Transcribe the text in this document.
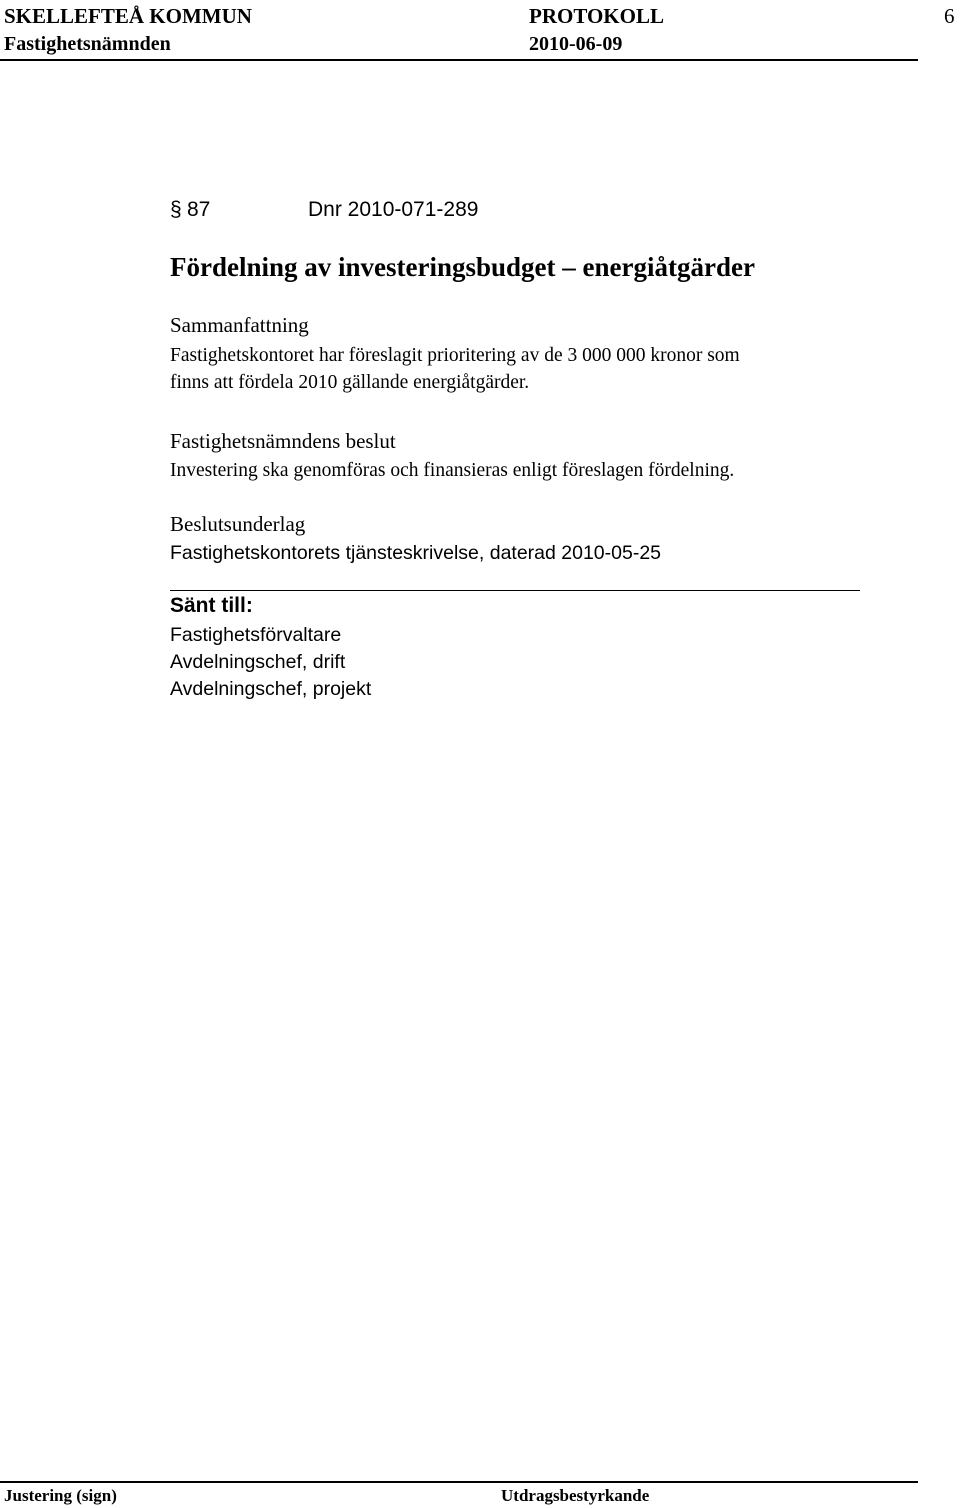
SKELLEFTEÅ KOMMUN	PROTOKOLL	6
Fastighetsnämnden	2010-06-09
§ 87	Dnr 2010-071-289
Fördelning av investeringsbudget – energiåtgärder
Sammanfattning
Fastighetskontoret har föreslagit prioritering av de 3 000 000 kronor som
finns att fördela 2010 gällande energiåtgärder.
Fastighetsnämndens beslut
Investering ska genomföras och finansieras enligt föreslagen fördelning.
Beslutsunderlag
Fastighetskontorets tjänsteskrivelse, daterad 2010-05-25
Sänt till:
Fastighetsförvaltare
Avdelningschef, drift
Avdelningschef, projekt
Justering (sign)	Utdragsbestyrkande
